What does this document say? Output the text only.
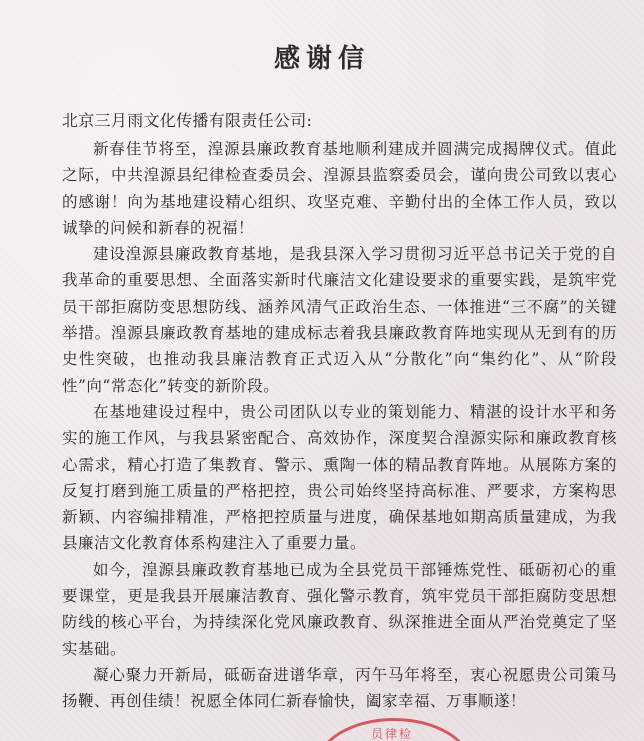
感谢信
北京三月雨文化传播有限责任公司:

新春佳节将至，湟源县廉政教育基地顺利建成并圆满完成揭牌仪式。值此之际，中共湟源县纪律检查委员会、湟源县监察委员会，谨向贵公司致以衷心的感谢！向为基地建设精心组织、攻坚克难、辛勤付出的全体工作人员，致以诚挚的问候和新春的祝福！

建设湟源县廉政教育基地，是我县深入学习贯彻习近平总书记关于党的自我革命的重要思想、全面落实新时代廉洁文化建设要求的重要实践，是筑牢党员干部拒腐防变思想防线、涵养风清气正政治生态、一体推进“三不腐”的关键举措。湟源县廉政教育基地的建成标志着我县廉政教育阵地实现从无到有的历史性突破，也推动我县廉洁教育正式迈入从“分散化”向“集约化”、从“阶段性”向“常态化”转变的新阶段。

在基地建设过程中，贵公司团队以专业的策划能力、精湛的设计水平和务实的施工作风，与我县紧密配合、高效协作，深度契合湟源实际和廉政教育核心需求，精心打造了集教育、警示、熏陶一体的精品教育阵地。从展陈方案的反复打磨到施工质量的严格把控，贵公司始终坚持高标准、严要求，方案构思新颖、内容编排精准，严格把控质量与进度，确保基地如期高质量建成，为我县廉洁文化教育体系构建注入了重要力量。

如今，湟源县廉政教育基地已成为全县党员干部锤炼党性、砥砺初心的重要课堂，更是我县开展廉洁教育、强化警示教育，筑牢党员干部拒腐防变思想防线的核心平台，为持续深化党风廉政教育、纵深推进全面从严治党奠定了坚实基础。

凝心聚力开新局，砥砺奋进谱华章，丙午马年将至，衷心祝愿贵公司策马扬鞭、再创佳绩！祝愿全体同仁新春愉快，阖家幸福、万事顺遂！

员律检
